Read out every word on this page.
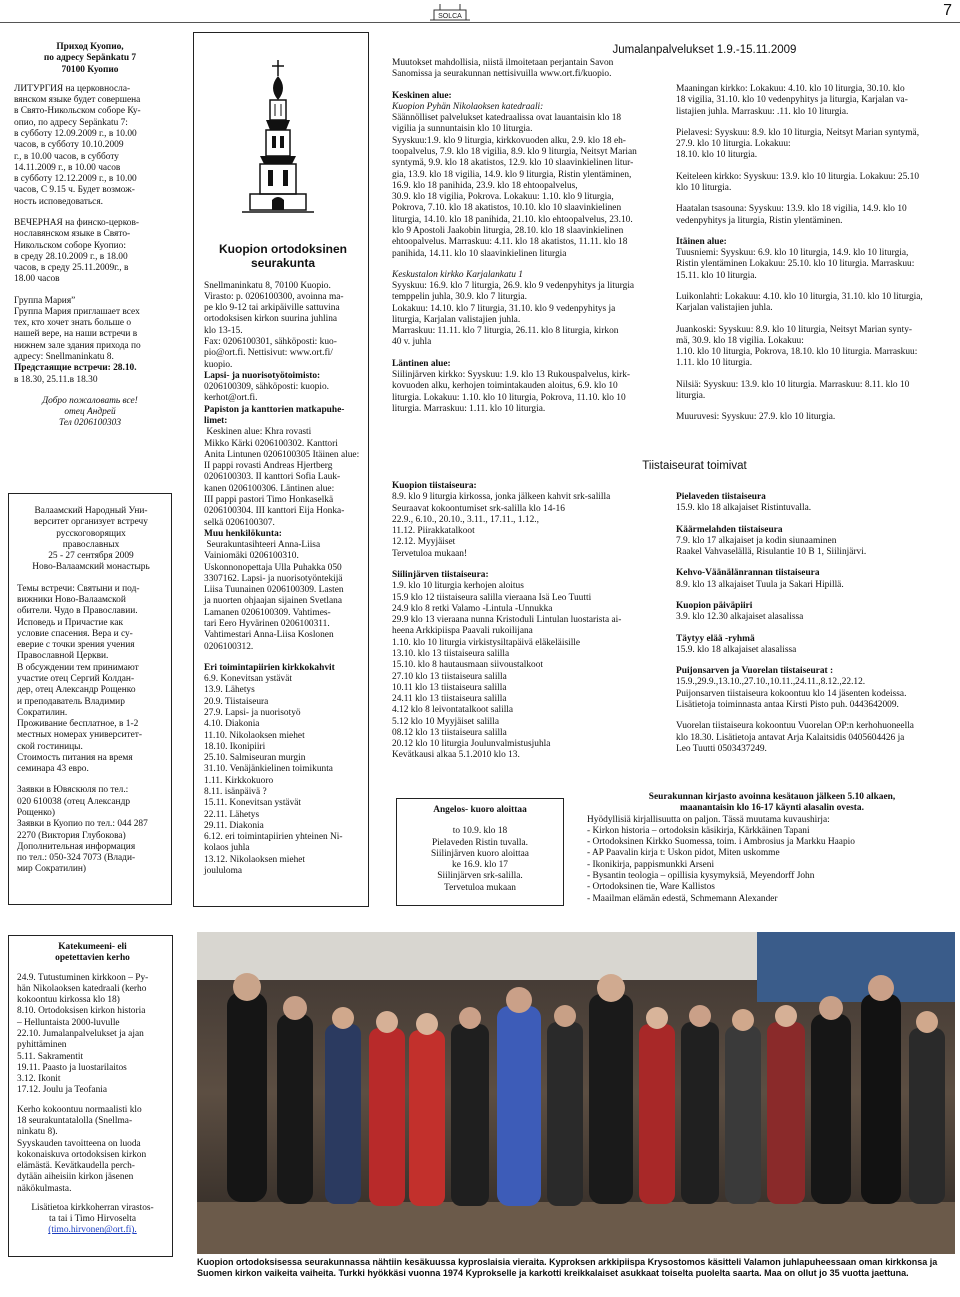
SOLCA	7

Приход Куопио,
по адресу Sepänkatu 7
70100 Куопио

ЛИТУРГИЯ на церковносла-
вянском языке будет совершена
в Свято-Никольском соборе Ку-
опио, по адресу Sepänkatu 7:
в субботу 12.09.2009 г., в 10.00
часов, в субботу 10.10.2009
г., в 10.00 часов, в субботу
14.11.2009 г., в 10.00 часов
в субботу 12.12.2009 г., в 10.00
часов, С 9.15 ч. Будет возмож-
ность исповедоваться.

ВЕЧЕРНАЯ на финско-церков-
нославянском языке в Свято-
Никольском соборе Куопио:
в среду 28.10.2009 г., в 18.00
часов, в среду 25.11.2009г., в
18.00 часов

Группа Мария”
Группа Мария приглашает всех
тех, кто хочет знать больше о
нашей вере, на наши встречи в
нижнем зале здания прихода по
адресу: Snellmaninkatu 8.

Предстаящие встречи: 28.10.

в 18.30, 25.11.в 18.30

Добро пожаловать все!
отец Андрей
Тел 0206100303

Валаамский Народный Уни-
верситет организует встречу
русскоговорящих
православных
25 - 27 сентября 2009
Ново-Валаамский монастырь

Темы встречи: Святыни и под-
вижники Ново-Валаамской
обители. Чудо в Православии.
Исповедь и Причастие как
условие спасения. Вера и су-
еверие с точки зрения учения
Православной Церкви.
В обсуждении тем принимают
участие отец Сергий Колдан-
дер, отец Александр Рощенко
и преподаватель Владимир
Сократилин.
Проживание бесплатное, в 1-2
местных номерах университет-
ской гостиницы.
Стоимость питания на время
семинара 43 евро.

Заявки в Ювяскюля по тел.:
020 610038 (отец Александр
Рощенко)
Заявки в Куопио по тел.: 044 287
2270 (Виктория Глубокова)
Дополнительная информация
по тел.: 050-324 7073 (Влади-
мир Сократилин)

Kuopion ortodoksinen
seurakunta

Snellmaninkatu 8, 70100 Kuopio.
Virasto: p. 0206100300, avoinna ma-
pe klo 9-12 tai arkipäiville sattuvina
ortodoksisen kirkon suurina juhlina
klo 13-15.
Fax: 0206100301, sähköposti: kuo-
pio@ort.fi. Nettisivut: www.ort.fi/
kuopio.

Lapsi- ja nuorisotyötoimisto:

0206100309, sähköposti: kuopio.
kerhot@ort.fi.

Papiston ja kanttorien matkapuhe-
limet:

Keskinen alue: Khra rovasti
Mikko Kärki 0206100302. Kanttori
Anita Lintunen 0206100305 Itäinen alue:
II pappi rovasti Andreas Hjertberg
0206100303. II kanttori Sofia Lauk-
kanen 0206100306. Läntinen alue:
III pappi pastori Timo Honkaselkä
0206100304. III kanttori Eija Honka-
selkä 0206100307.

Muu henkilökunta:

Seurakuntasihteeri Anna-Liisa Vainiomäki 0206100310.
Uskonnonopettaja Ulla Puhakka 050
3307162. Lapsi- ja nuorisotyöntekijä
Liisa Tuunainen 0206100309. Lasten
ja nuorten ohjaajan sijainen Svetlana
Lamanen 0206100309. Vahtimes-
tari Eero Hyvärinen 0206100311.
Vahtimestari Anna-Liisa Koslonen
0206100312.

Eri toimintapiirien kirkkokahvit

6.9. Konevitsan ystävät
13.9. Lähetys
20.9. Tiistaiseura
27.9. Lapsi- ja nuorisotyö
4.10. Diakonia
11.10. Nikolaoksen miehet
18.10. Ikonipiiri
25.10. Salmiseuran murgin
31.10. Venäjänkielinen toimikunta
1.11. Kirkkokuoro
8.11. isänpäivä ?
15.11. Konevitsan ystävät
22.11. Lähetys
29.11. Diakonia
6.12. eri toimintapiirien yhteinen Ni-
kolaos juhla
13.12. Nikolaoksen miehet
joululoma

Jumalanpalvelukset 1.9.-15.11.2009

Muutokset mahdollisia, niistä ilmoitetaan perjantain Savon
Sanomissa ja seurakunnan nettisivuilla www.ort.fi/kuopio.

Keskinen alue:

Kuopion Pyhän Nikolaoksen katedraali:

Säännölliset palvelukset katedraalissa ovat lauantaisin klo 18
vigilia ja sunnuntaisin klo 10 liturgia.
Syyskuu:1.9. klo 9 liturgia, kirkkovuoden alku, 2.9. klo 18 eh-
toopalvelus, 7.9. klo 18 vigilia, 8.9. klo 9 liturgia, Neitsyt Marian
syntymä, 9.9. klo 18 akatistos, 12.9. klo 10 slaavinkielinen litur-
gia, 13.9. klo 18 vigilia, 14.9. klo 9 liturgia, Ristin ylentäminen,
16.9. klo 18 panihida, 23.9. klo 18 ehtoopalvelus,
30.9. klo 18 vigilia, Pokrova. Lokakuu: 1.10. klo 9 liturgia,
Pokrova, 7.10. klo 18 akatistos, 10.10. klo 10 slaavinkielinen
liturgia, 14.10. klo 18 panihida, 21.10. klo ehtoopalvelus, 23.10.
klo 9 Apostoli Jaakobin liturgia, 28.10. klo 18 slaavinkielinen
ehtoopalvelus. Marraskuu: 4.11. klo 18 akatistos, 11.11. klo 18
panihida, 14.11. klo 10 slaavinkielinen liturgia

Keskustalon kirkko Karjalankatu 1

Syyskuu: 16.9. klo 7 liturgia, 26.9. klo 9 vedenpyhitys ja liturgia
temppelin juhla, 30.9. klo 7 liturgia.
Lokakuu: 14.10. klo 7 liturgia, 31.10. klo 9 vedenpyhitys ja
liturgia, Karjalan valistajien juhla.
Marraskuu: 11.11. klo 7 liturgia, 26.11. klo 8 liturgia, kirkon
40 v. juhla

Läntinen alue:

Siilinjärven kirkko: Syyskuu: 1.9. klo 13 Rukouspalvelus, kirk-
kovuoden alku, kerhojen toimintakauden aloitus, 6.9. klo 10
liturgia. Lokakuu: 1.10. klo 10 liturgia, Pokrova, 11.10. klo 10
liturgia. Marraskuu: 1.11. klo 10 liturgia.

Maaningan kirkko: Lokakuu: 4.10. klo 10 liturgia, 30.10. klo
18 vigilia, 31.10. klo 10 vedenpyhitys ja liturgia, Karjalan va-
listajien juhla. Marraskuu: .11. klo 10 liturgia.

Pielavesi: Syyskuu: 8.9. klo 10 liturgia, Neitsyt Marian syntymä,
27.9. klo 10 liturgia. Lokakuu:
18.10. klo 10 liturgia.

Keiteleen kirkko: Syyskuu: 13.9. klo 10 liturgia. Lokakuu: 25.10
klo 10 liturgia.

Haatalan tsasouna: Syyskuu: 13.9. klo 18 vigilia, 14.9. klo 10
vedenpyhitys ja liturgia, Ristin ylentäminen.

Itäinen alue:

Tuusniemi: Syyskuu: 6.9. klo 10 liturgia, 14.9. klo 10 liturgia,
Ristin ylentäminen Lokakuu: 25.10. klo 10 liturgia. Marraskuu:
15.11. klo 10 liturgia.

Luikonlahti: Lokakuu: 4.10. klo 10 liturgia, 31.10. klo 10 liturgia,
Karjalan valistajien juhla.

Juankoski: Syyskuu: 8.9. klo 10 liturgia, Neitsyt Marian synty-
mä, 30.9. klo 18 vigilia. Lokakuu:
1.10. klo 10 liturgia, Pokrova, 18.10. klo 10 liturgia. Marraskuu:
1.11. klo 10 liturgia.

Nilsiä: Syyskuu: 13.9. klo 10 liturgia. Marraskuu: 8.11. klo 10
liturgia.

Muuruvesi: Syyskuu: 27.9. klo 10 liturgia.

Tiistaiseurat toimivat

Kuopion tiistaiseura:

8.9. klo 9 liturgia kirkossa, jonka jälkeen kahvit srk-salilla
Seuraavat kokoontumiset srk-salilla klo 14-16
22.9., 6.10., 20.10., 3.11., 17.11., 1.12.,
11.12. Piirakkatalkoot
12.12. Myyjäiset
Tervetuloa mukaan!

Siilinjärven tiistaiseura:

1.9. klo 10 liturgia kerhojen aloitus
15.9 klo 12 tiistaiseura salilla vieraana Isä Leo Tuutti
24.9 klo 8 retki Valamo -Lintula -Unnukka
29.9 klo 13 vieraana nunna Kristoduli Lintulan luostarista ai-
heena Arkkipiispa Paavali rukoilijana
1.10. klo 10 liturgia virkistysiltapäivä eläkeläisille
13.10. klo 13 tiistaiseura salilla
15.10. klo 8 hautausmaan siivoustalkoot
27.10 klo 13 tiistaiseura salilla
10.11 klo 13 tiistaiseura salilla
24.11 klo 13 tiistaiseura salilla
4.12 klo 8 leivontatalkoot salilla
5.12 klo 10 Myyjäiset salilla
08.12 klo 13 tiistaiseura salilla
20.12 klo 10 liturgia Joulunvalmistusjuhla
Kevätkausi alkaa 5.1.2010 klo 13.

Pielaveden tiistaiseura

15.9. klo 18 alkajaiset Ristintuvalla.

Käärmelahden tiistaiseura

7.9. klo 17 alkajaiset ja kodin siunaaminen
Raakel Vahvaselällä, Risulantie 10 B 1, Siilinjärvi.

Kehvo-Väänälänrannan tiistaiseura

8.9. klo 13 alkajaiset Tuula ja Sakari Hipillä.

Kuopion päiväpiiri

3.9. klo 12.30 alkajaiset alasalissa

Täytyy elää -ryhmä

15.9. klo 18 alkajaiset alasalissa

Puijonsarven ja Vuorelan tiistaiseurat :

15.9.,29.9.,13.10.,27.10.,10.11.,24.11.,8.12.,22.12.
Puijonsarven tiistaiseura kokoontuu klo 14 jäsenten kodeissa.
Lisätietoja toiminnasta antaa Kirsti Pisto puh. 0443642009.

Vuorelan tiistaiseura kokoontuu Vuorelan OP:n kerhohuoneella
klo 18.30. Lisätietoja antavat Arja Kalaitsidis 0405604426 ja
Leo Tuutti 0503437249.

Seurakunnan kirjasto avoinna kesätauon jälkeen 5.10 alkaen,
maanantaisin klo 16-17 käynti alasalin ovesta.

Hyödyllisiä kirjallisuutta on paljon. Tässä muutama kuvaushirja:
- Kirkon historia – ortodoksin käsikirja, Kärkkäinen Tapani
- Ortodoksinen Kirkko Suomessa, toim. i Ambrosius ja Markku Haapio
- AP Paavalin kirja t: Uskon pidot, Miten uskomme
- Ikonikirja, pappismunkki Arseni
- Bysantin teologia – opillisia kysymyksiä, Meyendorff John
- Ortodoksinen tie, Ware Kallistos
- Maailman elämän edestä, Schmemann Alexander

Angelos- kuoro aloittaa

to 10.9. klo 18
Pielaveden Ristin tuvalla.
Siilinjärven kuoro aloittaa
ke 16.9. klo 17
Siilinjärven srk-salilla.
Tervetuloa mukaan

Katekumeeni- eli
opetettavien kerho

24.9. Tutustuminen kirkkoon – Py-
hän Nikolaoksen katedraali (kerho
kokoontuu kirkossa klo 18)
8.10. Ortodoksisen kirkon historia
– Helluntaista 2000-luvulle
22.10. Jumalanpalvelukset ja ajan
pyhittäminen
5.11. Sakramentit
19.11. Paasto ja luostarilaitos
3.12. Ikonit
17.12. Joulu ja Teofania

Kerho kokoontuu normaalisti klo
18 seurakuntatalolla (Snellma-
ninkatu 8).
Syyskauden tavoitteena on luoda
kokonaiskuva ortodoksisen kirkon
elämästä. Kevätkaudella perch-
dytään aiheisiin kirkon jäsenen
näkökulmasta.

Lisätietoa kirkkoherran virastos-
ta tai i Timo Hirvoselta

(timo.hirvonen@ort.fi).

Kuopion ortodoksisessa seurakunnassa nähtiin kesäkuussa kyproslaisia vieraita. Kyproksen arkkipiispa Krysostomos käsitteli Valamon juhlapuheessaan oman kirkkonsa ja Suomen kirkon vaikeita vaiheita. Turkki hyökkäsi vuonna 1974 Kyprokselle ja karkotti kreikkalaiset asukkaat toiselta puolelta saarta. Maa on ollut jo 35 vuotta jaettuna.
